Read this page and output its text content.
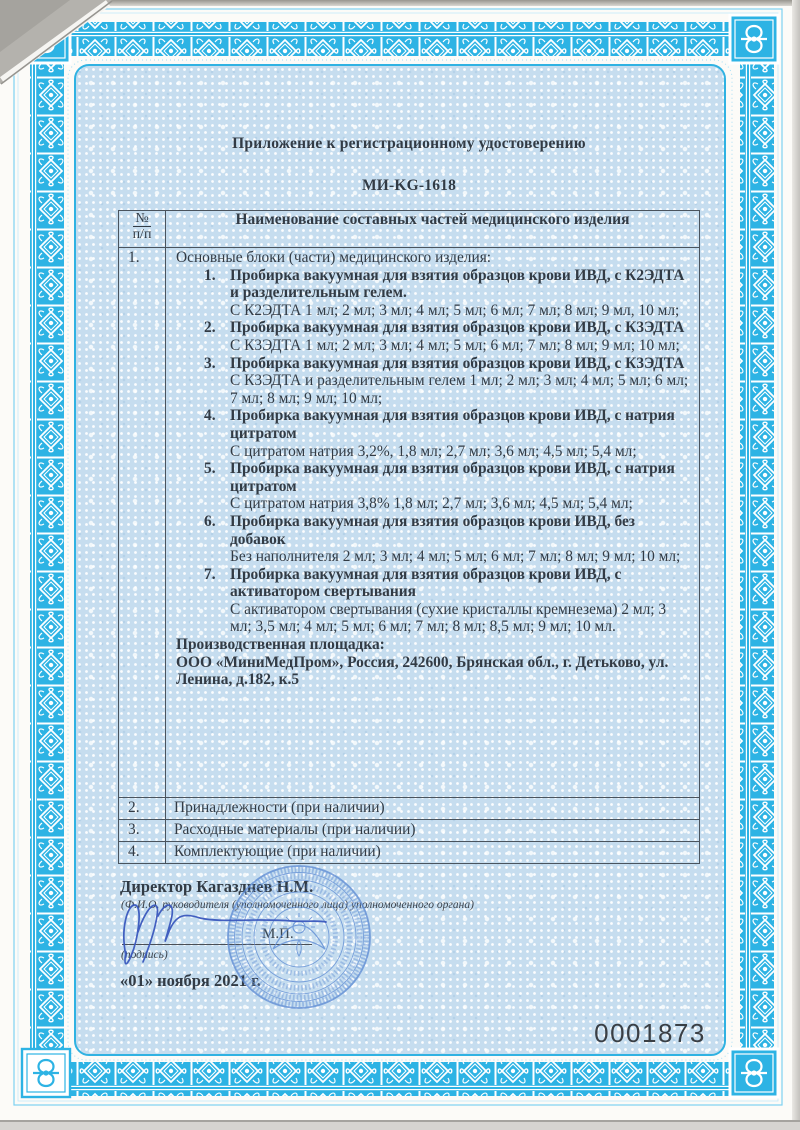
Приложение к регистрационному удостоверению
МИ-KG-1618
№
п/п	Наименование составных частей медицинского изделия
1.	Основные блоки (части) медицинского изделия:
1. Пробирка вакуумная для взятия образцов крови ИВД, с К2ЭДТА и разделительным гелем.
С К2ЭДТА 1 мл; 2 мл; 3 мл; 4 мл; 5 мл; 6 мл; 7 мл; 8 мл; 9 мл, 10 мл;
2. Пробирка вакуумная для взятия образцов крови ИВД, с К3ЭДТА
С К3ЭДТА 1 мл; 2 мл; 3 мл; 4 мл; 5 мл; 6 мл; 7 мл; 8 мл; 9 мл; 10 мл;
3. Пробирка вакуумная для взятия образцов крови ИВД, с К3ЭДТА
С К3ЭДТА и разделительным гелем 1 мл; 2 мл; 3 мл; 4 мл; 5 мл; 6 мл; 7 мл; 8 мл; 9 мл; 10 мл;
4. Пробирка вакуумная для взятия образцов крови ИВД, с натрия цитратом
С цитратом натрия 3,2%, 1,8 мл; 2,7 мл; 3,6 мл; 4,5 мл; 5,4 мл;
5. Пробирка вакуумная для взятия образцов крови ИВД, с натрия цитратом
С цитратом натрия 3,8% 1,8 мл; 2,7 мл; 3,6 мл; 4,5 мл; 5,4 мл;
6. Пробирка вакуумная для взятия образцов крови ИВД, без добавок
Без наполнителя 2 мл; 3 мл; 4 мл; 5 мл; 6 мл; 7 мл; 8 мл; 9 мл; 10 мл;
7. Пробирка вакуумная для взятия образцов крови ИВД, с активатором свертывания
С активатором свертывания (сухие кристаллы кремнезема) 2 мл; 3 мл; 3,5 мл; 4 мл; 5 мл; 6 мл; 7 мл; 8 мл; 8,5 мл; 9 мл; 10 мл.
Производственная площадка:
ООО «МиниМедПром», Россия, 242600, Брянская обл., г. Детьково, ул. Ленина, д.182, к.5

2.	Принадлежности (при наличии)
3.	Расходные материалы (при наличии)
4.	Комплектующие (при наличии)
Директор Кагазднев Н.М.
(Ф.И.О. руководителя (уполномоченного лица) уполномоченного органа)
(подпись)
М.П.
«01» ноября 2021 г.
0001873
